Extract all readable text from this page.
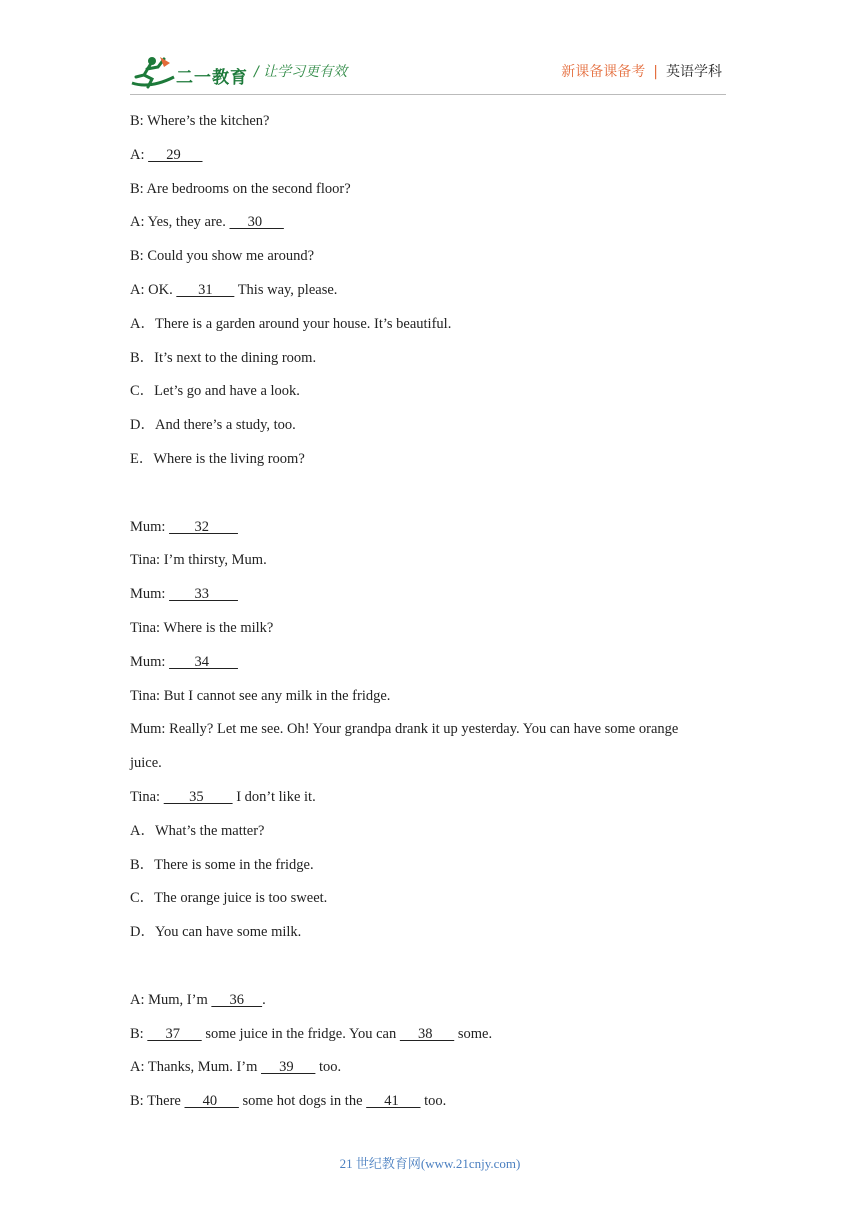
二一教育 / 让学习更有效	新课备课备考 | 英语学科
B: Where’s the kitchen?
A:      29
B: Are bedrooms on the second floor?
A: Yes, they are.      30
B: Could you show me around?
A: OK.       31       This way, please.
A．There is a garden around your house. It’s beautiful.
B．It’s next to the dining room.
C．Let’s go and have a look.
D．And there’s a study, too.
E．Where is the living room?
Mum:        32
Tina: I’m thirsty, Mum.
Mum:        33
Tina: Where is the milk?
Mum:        34
Tina: But I cannot see any milk in the fridge.
Mum: Really? Let me see. Oh! Your grandpa drank it up yesterday. You can have some orange
juice.
Tina:        35         I don’t like it.
A．What’s the matter?
B．There is some in the fridge.
C．The orange juice is too sweet.
D．You can have some milk.
A: Mum, I’m      36     .
B:      37       some juice in the fridge. You can      38       some.
A: Thanks, Mum. I’m      39       too.
B: There      40       some hot dogs in the      41       too.
21 世纪教育网(www.21cnjy.com)
